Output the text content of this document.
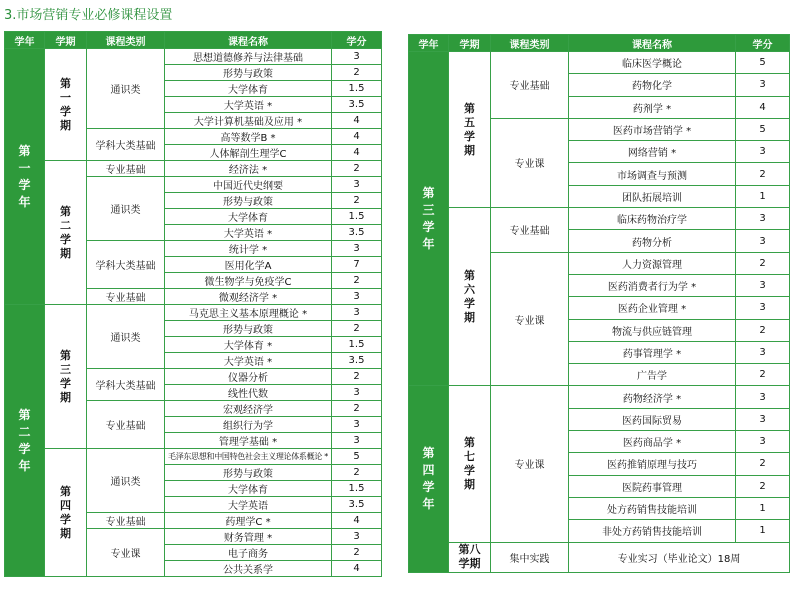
3.市场营销专业必修课程设置
学年	学期	课程类别	课程名称	学分
第一学年	第一学期	通识类	思想道德修养与法律基础	3
			形势与政策	2
			大学体育	1.5
			大学英语 *	3.5
			大学计算机基础及应用 *	4
		学科大类基础	高等数学B *	4
			人体解剖生理学C	4
	第二学期	专业基础	经济法 *	2
		通识类	中国近代史纲要	3
			形势与政策	2
			大学体育	1.5
			大学英语 *	3.5
		学科大类基础	统计学 *	3
			医用化学A	7
			微生物学与免疫学C	2
		专业基础	微观经济学 *	3
第二学年	第三学期	通识类	马克思主义基本原理概论 *	3
			形势与政策	2
			大学体育 *	1.5
			大学英语 *	3.5
		学科大类基础	仪器分析	2
			线性代数	3
		专业基础	宏观经济学	2
			组织行为学	3
			管理学基础 *	3
	第四学期	通识类	毛泽东思想和中国特色社会主义理论体系概论 *	5
			形势与政策	2
			大学体育	1.5
			大学英语	3.5
		专业基础	药理学C *	4
		专业课	财务管理 *	3
			电子商务	2
			公共关系学	4
学年	学期	课程类别	课程名称	学分
第三学年	第五学期	专业基础	临床医学概论	5
			药物化学	3
			药剂学 *	4
		专业课	医药市场营销学 *	5
			网络营销 *	3
			市场调查与预测	2
			团队拓展培训	1
	第六学期	专业基础	临床药物治疗学	3
			药物分析	3
		专业课	人力资源管理	2
			医药消费者行为学 *	3
			医药企业管理 *	3
			物流与供应链管理	2
			药事管理学 *	3
			广告学	2
第四学年	第七学期	专业课	药物经济学 *	3
			医药国际贸易	3
			医药商品学 *	3
			医药推销原理与技巧	2
			医院药事管理	2
			处方药销售技能培训	1
			非处方药销售技能培训	1
	第八学期	集中实践	专业实习（毕业论文）18周	
